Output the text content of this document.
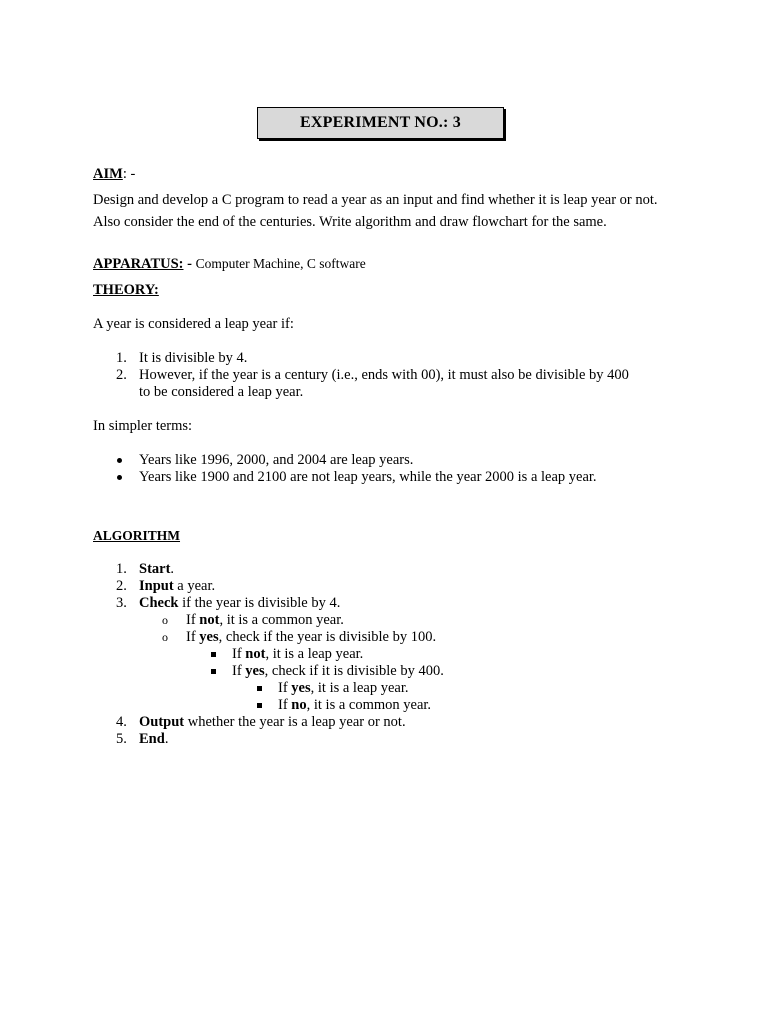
EXPERIMENT NO.: 3
AIM: -
Design and develop a C program to read a year as an input and find whether it is leap year or not. Also consider the end of the centuries. Write algorithm and draw flowchart for the same.
APPARATUS: - Computer Machine, C software
THEORY:
A year is considered a leap year if:
1. It is divisible by 4.
2. However, if the year is a century (i.e., ends with 00), it must also be divisible by 400
to be considered a leap year.
In simpler terms:
Years like 1996, 2000, and 2004 are leap years.
Years like 1900 and 2100 are not leap years, while the year 2000 is a leap year.
ALGORITHM
1. Start.
2. Input a year.
3. Check if the year is divisible by 4.
o If not, it is a common year.
o If yes, check if the year is divisible by 100.
If not, it is a leap year.
If yes, check if it is divisible by 400.
If yes, it is a leap year.
If no, it is a common year.
4. Output whether the year is a leap year or not.
5. End.
